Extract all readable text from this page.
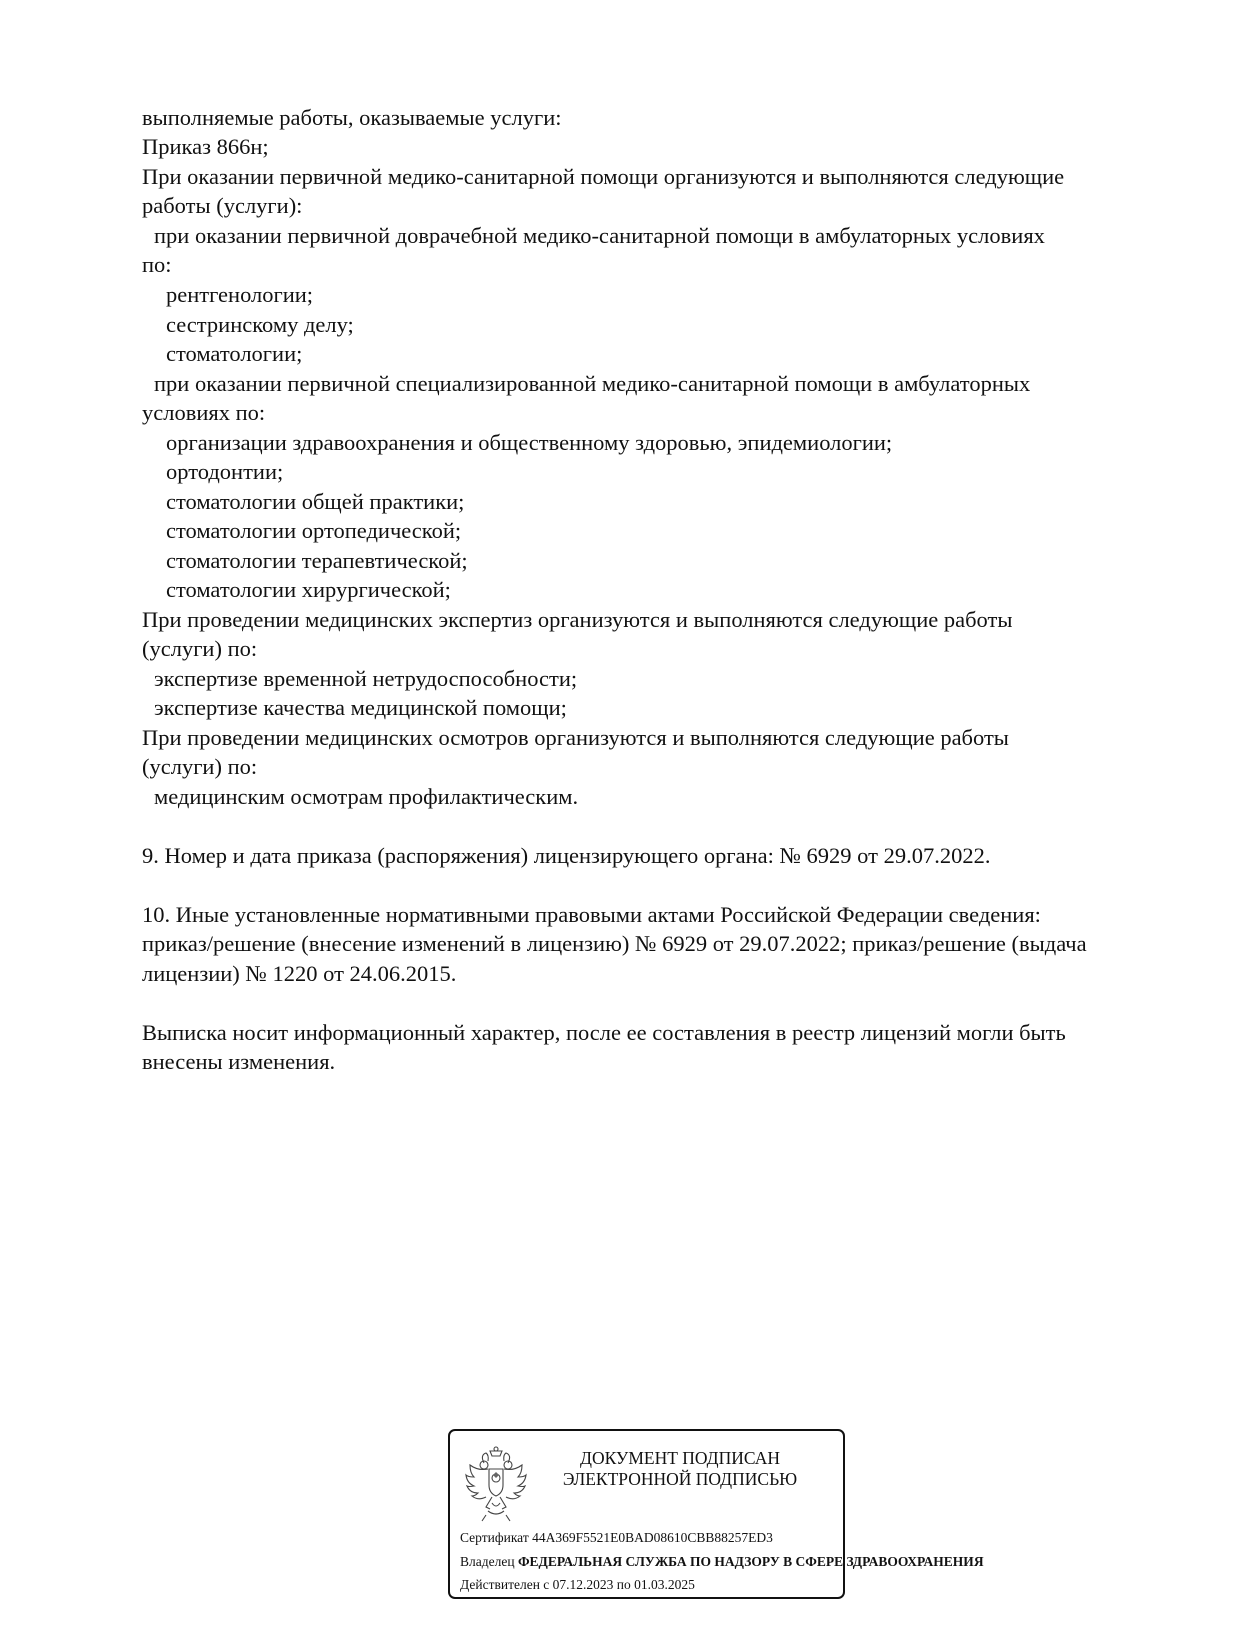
выполняемые работы, оказываемые услуги:
Приказ 866н;
При оказании первичной медико-санитарной помощи организуются и выполняются следующие
работы (услуги):
при оказании первичной доврачебной медико-санитарной помощи в амбулаторных условиях
по:
рентгенологии;
сестринскому делу;
стоматологии;
при оказании первичной специализированной медико-санитарной помощи в амбулаторных
условиях по:
организации здравоохранения и общественному здоровью, эпидемиологии;
ортодонтии;
стоматологии общей практики;
стоматологии ортопедической;
стоматологии терапевтической;
стоматологии хирургической;
При проведении медицинских экспертиз организуются и выполняются следующие работы
(услуги) по:
экспертизе временной нетрудоспособности;
экспертизе качества медицинской помощи;
При проведении медицинских осмотров организуются и выполняются следующие работы
(услуги) по:
медицинским осмотрам профилактическим.
9. Номер и дата приказа (распоряжения) лицензирующего органа: № 6929 от 29.07.2022.
10. Иные установленные нормативными правовыми актами Российской Федерации сведения:
приказ/решение (внесение изменений в лицензию) № 6929 от 29.07.2022; приказ/решение (выдача
лицензии) № 1220 от 24.06.2015.
Выписка носит информационный характер, после ее составления в реестр лицензий могли быть
внесены изменения.
ДОКУМЕНТ ПОДПИСАН
ЭЛЕКТРОННОЙ ПОДПИСЬЮ
Сертификат 44A369F5521E0BAD08610CBB88257ED3
Владелец ФЕДЕРАЛЬНАЯ СЛУЖБА ПО НАДЗОРУ В СФЕРЕ ЗДРАВООХРАНЕНИЯ
Действителен с 07.12.2023 по 01.03.2025
